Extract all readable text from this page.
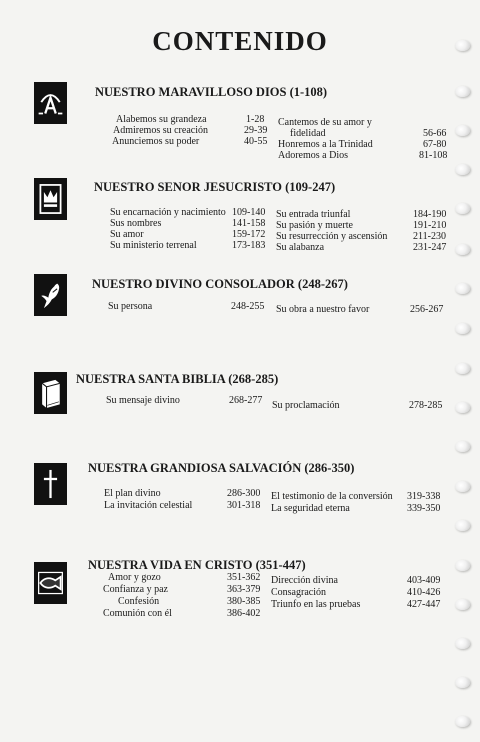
CONTENIDO
NUESTRO MARAVILLOSO DIOS (1-108)
Alabemos su grandeza	1-28
Admiremos su creación	29-39
Anunciemos su poder	40-55
Cantemos de su amor y
fidelidad	56-66
Honremos a la Trinidad	67-80
Adoremos a Dios	81-108
NUESTRO SENOR JESUCRISTO (109-247)
Su encarnación y nacimiento 109-140
Sus nombres	141-158
Su amor	159-172
Su ministerio terrenal	173-183
Su entrada triunfal	184-190
Su pasión y muerte	191-210
Su resurrección y ascensión	211-230
Su alabanza	231-247
NUESTRO DIVINO CONSOLADOR (248-267)
Su persona	248-255 Su obra a nuestro favor	256-267
NUESTRA SANTA BIBLIA (268-285)
Su mensaje divino	268-277 Su proclamación	278-285
NUESTRA GRANDIOSA SALVACIÓN (286-350)
El plan divino	286-300
La invitación celestial	301-318
El testimonio de la conversión 319-338
La seguridad eterna	339-350
NUESTRA VIDA EN CRISTO (351-447)
Amor y gozo	351-362
Confianza y paz	363-379
Confesión	380-385
Comunión con él	386-402
Dirección divina	403-409
Consagración	410-426
Triunfo en las pruebas	427-447
